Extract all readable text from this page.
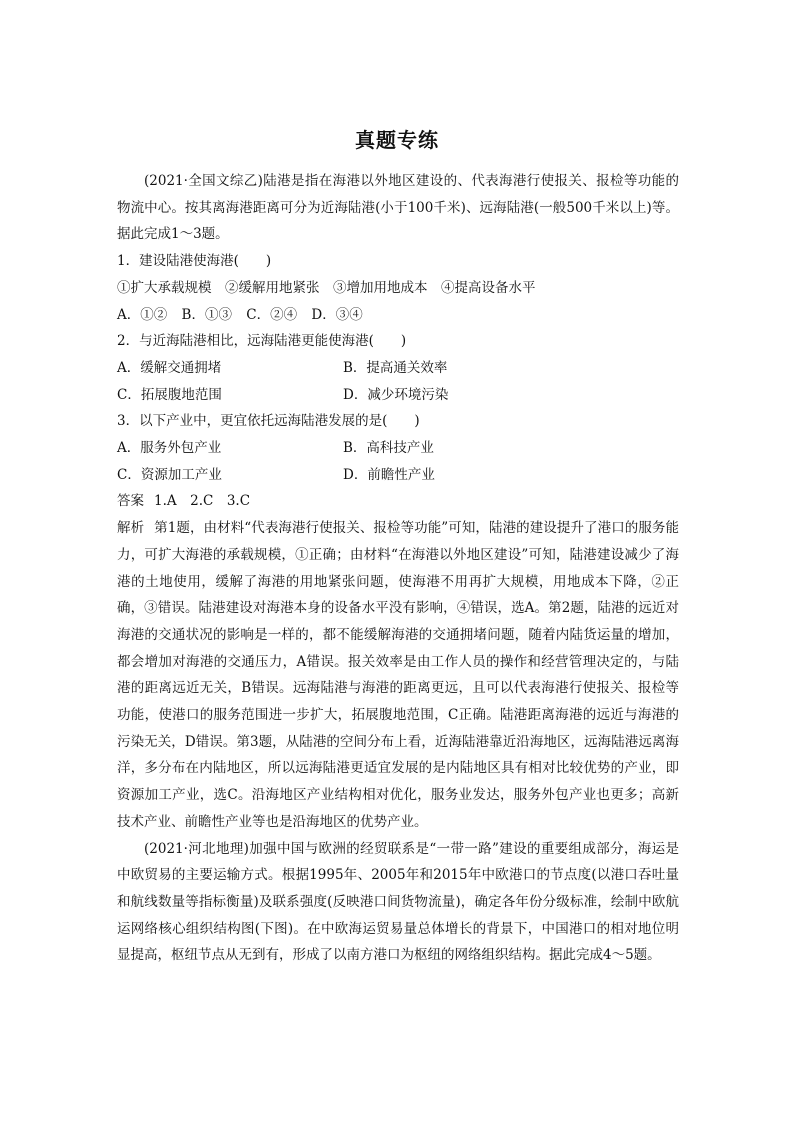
真题专练

(2021·全国文综乙)陆港是指在海港以外地区建设的、代表海港行使报关、报检等功能的物流中心。按其离海港距离可分为近海陆港(小于100千米)、远海陆港(一般500千米以上)等。据此完成1～3题。

1．建设陆港使海港(　　)

①扩大承载规模　②缓解用地紧张　③增加用地成本　④提高设备水平

A．①② B．①③ C．②④ D．③④

2．与近海陆港相比，远海陆港更能使海港(　　)

A．缓解交通拥堵	B．提高通关效率
C．拓展腹地范围	D．减少环境污染

3．以下产业中，更宜依托远海陆港发展的是(　　)

A．服务外包产业	B．高科技产业
C．资源加工产业	D．前瞻性产业

答案 1.A　2.C　3.C

解析 第1题，由材料“代表海港行使报关、报检等功能”可知，陆港的建设提升了港口的服务能力，可扩大海港的承载规模，①正确；由材料“在海港以外地区建设”可知，陆港建设减少了海港的土地使用，缓解了海港的用地紧张问题，使海港不用再扩大规模，用地成本下降，②正确，③错误。陆港建设对海港本身的设备水平没有影响，④错误，选A。第2题，陆港的远近对海港的交通状况的影响是一样的，都不能缓解海港的交通拥堵问题，随着内陆货运量的增加，都会增加对海港的交通压力，A错误。报关效率是由工作人员的操作和经营管理决定的，与陆港的距离远近无关，B错误。远海陆港与海港的距离更远，且可以代表海港行使报关、报检等功能，使港口的服务范围进一步扩大，拓展腹地范围，C正确。陆港距离海港的远近与海港的污染无关，D错误。第3题，从陆港的空间分布上看，近海陆港靠近沿海地区，远海陆港远离海洋，多分布在内陆地区，所以远海陆港更适宜发展的是内陆地区具有相对比较优势的产业，即资源加工产业，选C。沿海地区产业结构相对优化，服务业发达，服务外包产业也更多；高新技术产业、前瞻性产业等也是沿海地区的优势产业。

(2021·河北地理)加强中国与欧洲的经贸联系是“一带一路”建设的重要组成部分，海运是中欧贸易的主要运输方式。根据1995年、2005年和2015年中欧港口的节点度(以港口吞吐量和航线数量等指标衡量)及联系强度(反映港口间货物流量)，确定各年份分级标准，绘制中欧航运网络核心组织结构图(下图)。在中欧海运贸易量总体增长的背景下，中国港口的相对地位明显提高，枢纽节点从无到有，形成了以南方港口为枢纽的网络组织结构。据此完成4～5题。
